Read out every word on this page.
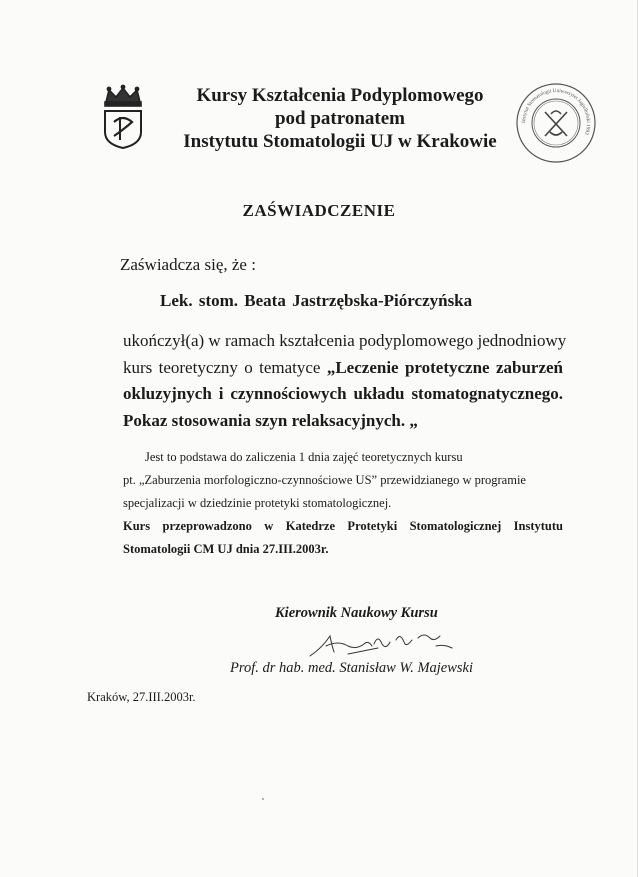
KRAKÓW
Instytut Stomatologii Uniwersytet Jagielloński 1993
Kursy Kształcenia Podyplomowego
pod patronatem
Instytutu Stomatologii UJ w Krakowie
ZAŚWIADCZENIE
Zaświadcza się, że :
Lek. stom. Beata Jastrzębska-Piórczyńska
ukończył(a) w ramach kształcenia podyplomowego jednodniowy
kurs teoretyczny o tematyce „Leczenie protetyczne zaburzeń
okluzyjnych i czynnościowych układu stomatognatycznego.
Pokaz stosowania szyn relaksacyjnych. „
Jest to podstawa do zaliczenia 1 dnia zajęć teoretycznych kursu
pt. „Zaburzenia morfologiczno-czynnościowe US” przewidzianego w programie
specjalizacji w dziedzinie protetyki stomatologicznej.
Kurs przeprowadzono w Katedrze Protetyki Stomatologicznej Instytutu
Stomatologii CM UJ dnia 27.III.2003r.
Kierownik Naukowy Kursu
Prof. dr hab. med. Stanisław W. Majewski
Kraków, 27.III.2003r.
